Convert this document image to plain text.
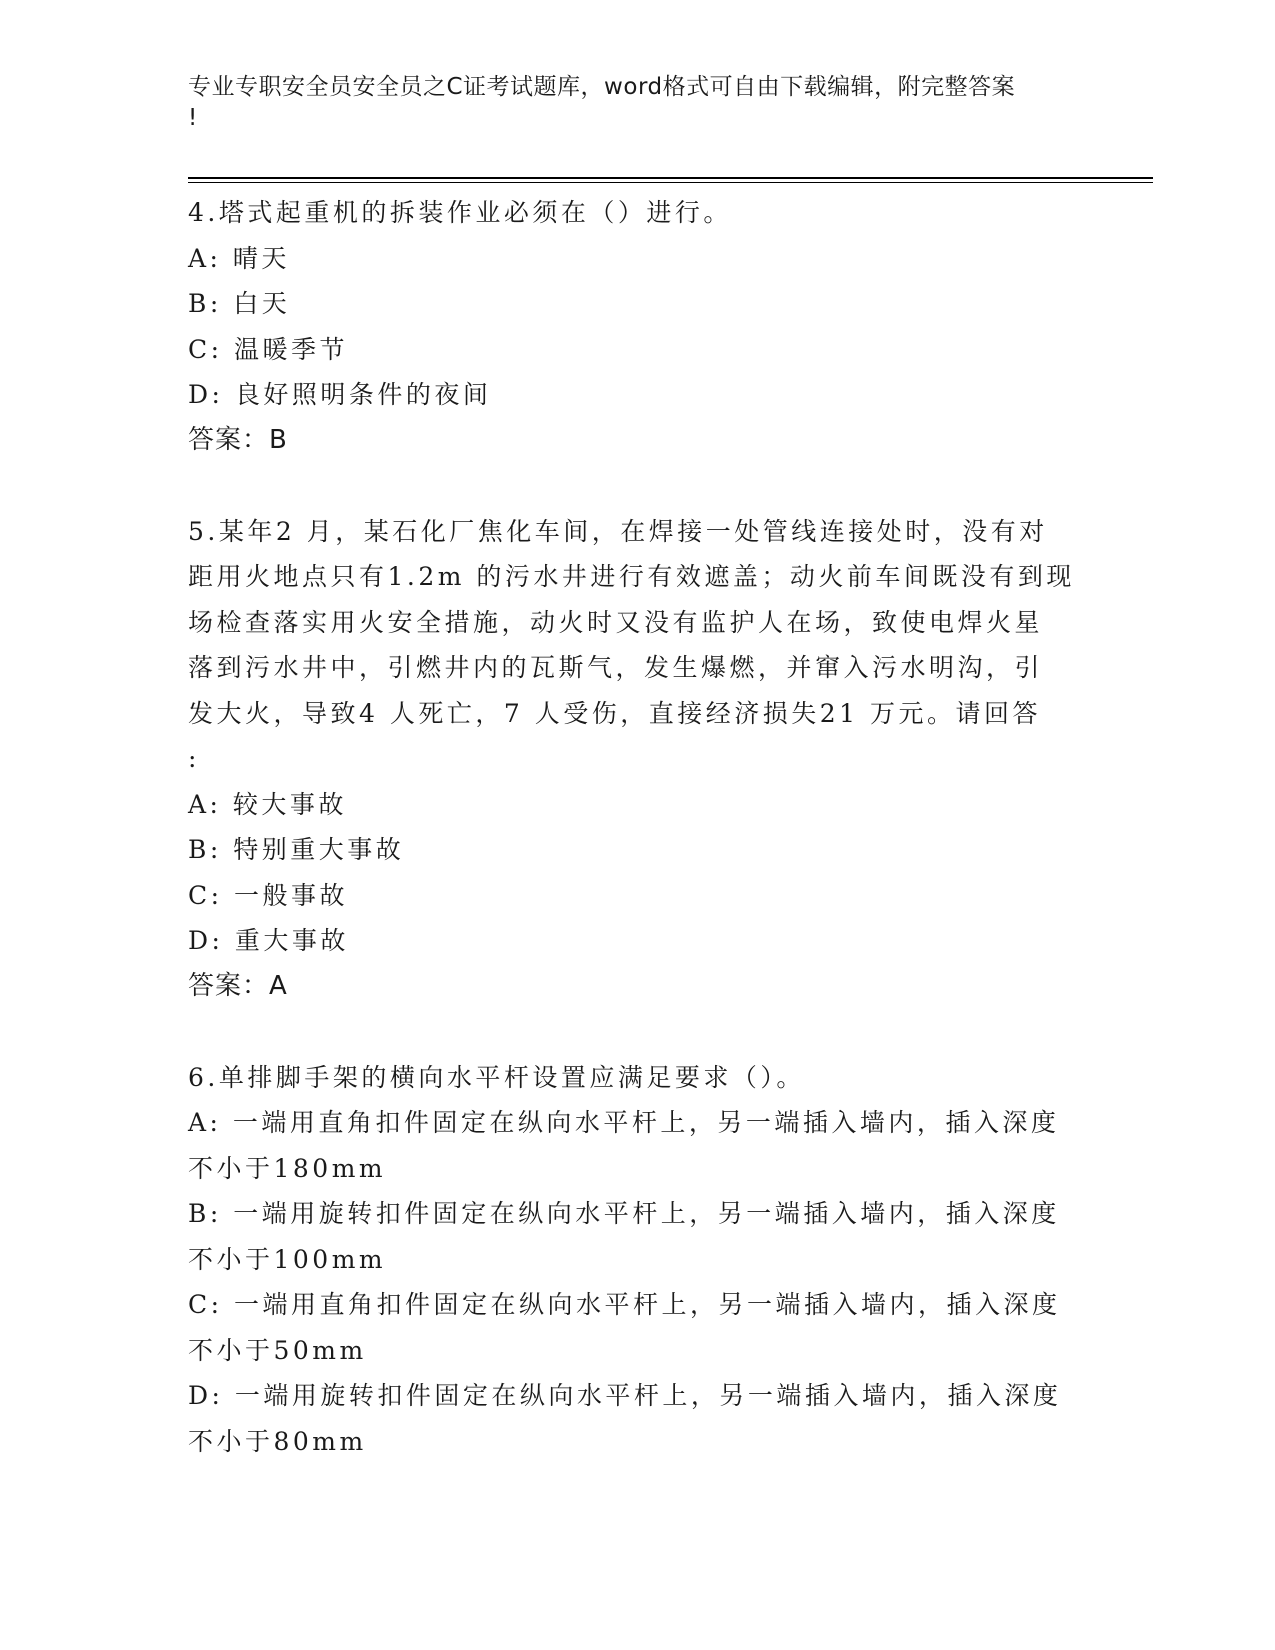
专业专职安全员安全员之C证考试题库，word格式可自由下载编辑，附完整答案
!
4.塔式起重机的拆装作业必须在（）进行。
A: 晴天
B: 白天
C: 温暖季节
D: 良好照明条件的夜间
答案：B
5.某年2 月，某石化厂焦化车间，在焊接一处管线连接处时，没有对
距用火地点只有1.2m 的污水井进行有效遮盖；动火前车间既没有到现
场检查落实用火安全措施，动火时又没有监护人在场，致使电焊火星
落到污水井中，引燃井内的瓦斯气，发生爆燃，并窜入污水明沟，引
发大火，导致4 人死亡，7 人受伤，直接经济损失21 万元。请回答
:
A: 较大事故
B: 特别重大事故
C: 一般事故
D: 重大事故
答案：A
6.单排脚手架的横向水平杆设置应满足要求（）。
A: 一端用直角扣件固定在纵向水平杆上，另一端插入墙内，插入深度
不小于180mm
B: 一端用旋转扣件固定在纵向水平杆上，另一端插入墙内，插入深度
不小于100mm
C: 一端用直角扣件固定在纵向水平杆上，另一端插入墙内，插入深度
不小于50mm
D: 一端用旋转扣件固定在纵向水平杆上，另一端插入墙内，插入深度
不小于80mm
